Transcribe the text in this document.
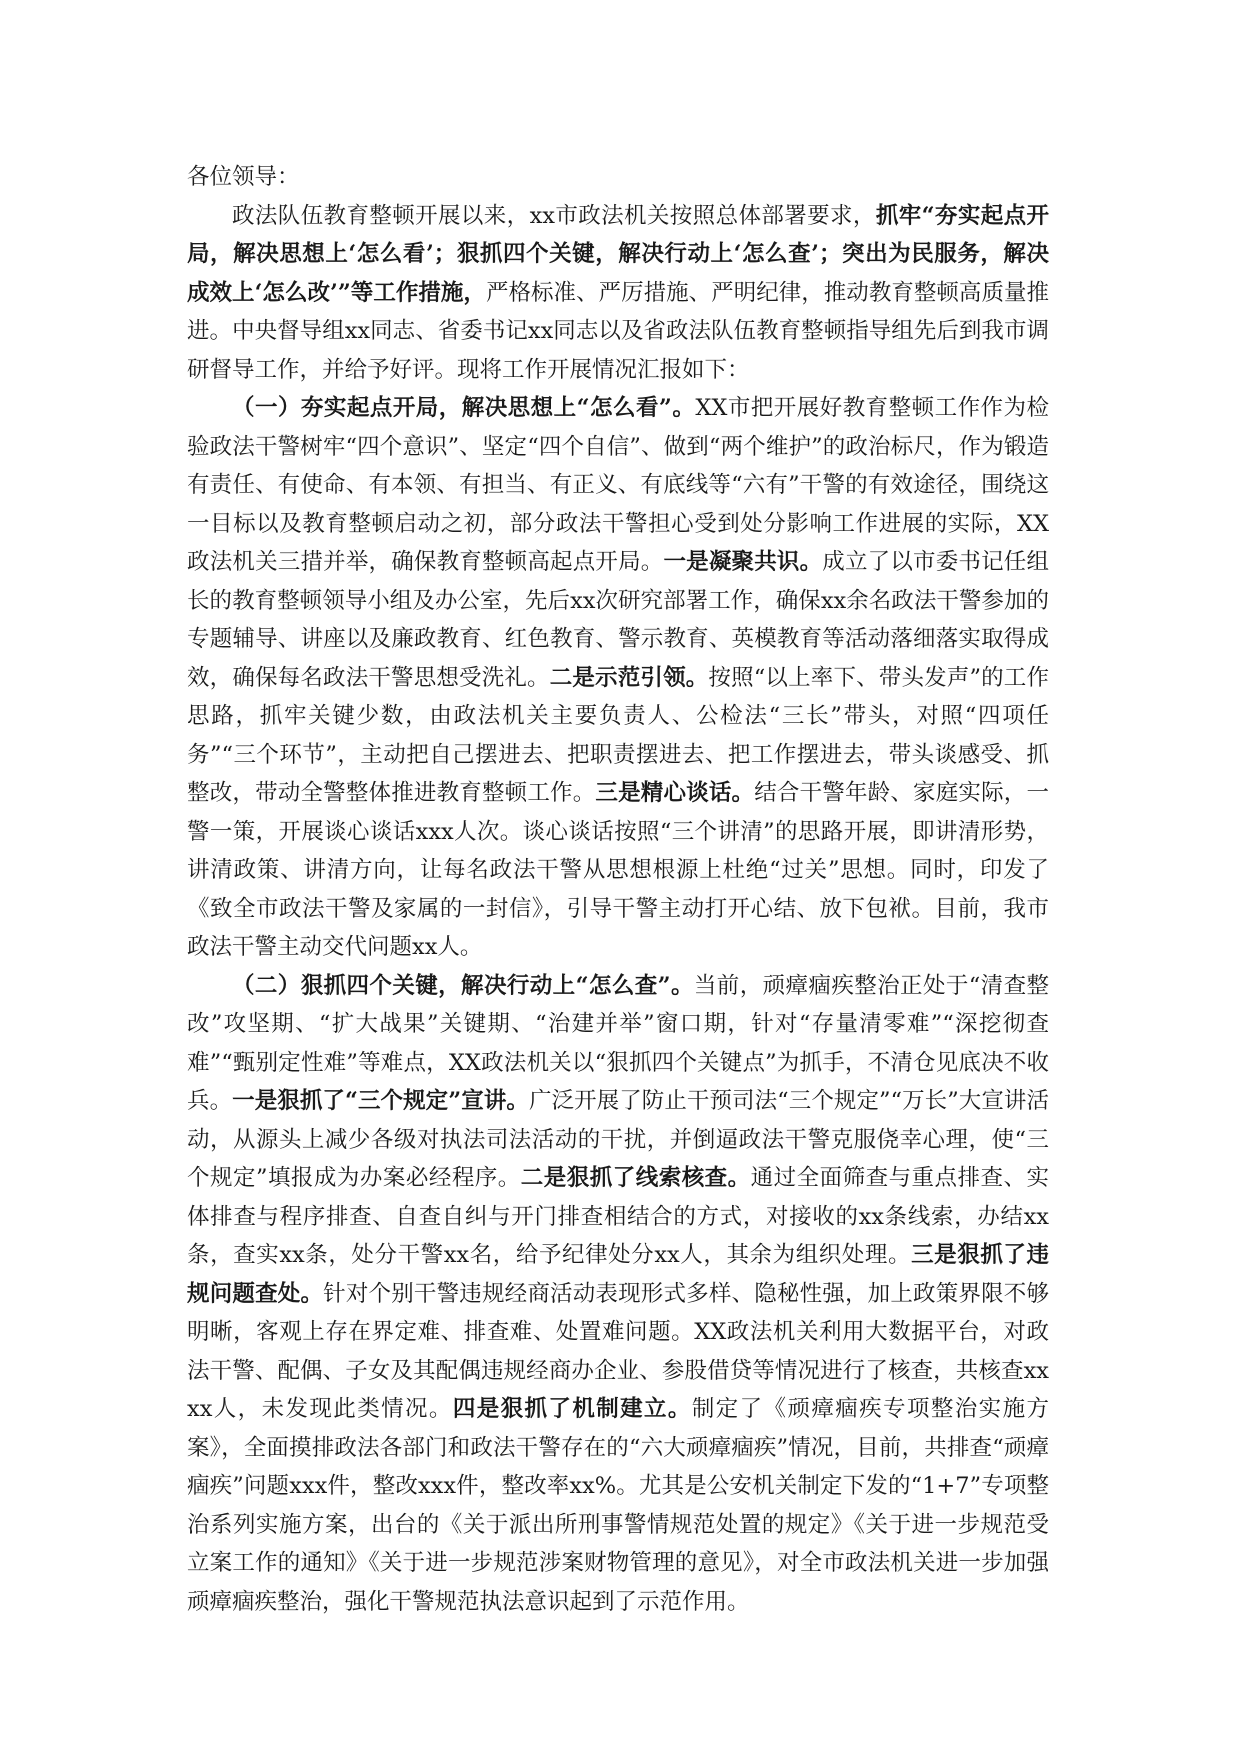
各位领导：

政法队伍教育整顿开展以来，xx市政法机关按照总体部署要求，抓牢“夯实起点开局，解决思想上‘怎么看’；狠抓四个关键，解决行动上‘怎么查’；突出为民服务，解决成效上‘怎么改’”等工作措施，严格标准、严厉措施、严明纪律，推动教育整顿高质量推进。中央督导组xx同志、省委书记xx同志以及省政法队伍教育整顿指导组先后到我市调研督导工作，并给予好评。现将工作开展情况汇报如下：

（一）夯实起点开局，解决思想上“怎么看”。XX市把开展好教育整顿工作作为检验政法干警树牢“四个意识”、坚定“四个自信”、做到“两个维护”的政治标尺，作为锻造有责任、有使命、有本领、有担当、有正义、有底线等“六有”干警的有效途径，围绕这一目标以及教育整顿启动之初，部分政法干警担心受到处分影响工作进展的实际，XX政法机关三措并举，确保教育整顿高起点开局。一是凝聚共识。成立了以市委书记任组长的教育整顿领导小组及办公室，先后xx次研究部署工作，确保xx余名政法干警参加的专题辅导、讲座以及廉政教育、红色教育、警示教育、英模教育等活动落细落实取得成效，确保每名政法干警思想受洗礼。二是示范引领。按照“以上率下、带头发声”的工作思路，抓牢关键少数，由政法机关主要负责人、公检法“三长”带头，对照“四项任务”“三个环节”，主动把自己摆进去、把职责摆进去、把工作摆进去，带头谈感受、抓整改，带动全警整体推进教育整顿工作。三是精心谈话。结合干警年龄、家庭实际，一警一策，开展谈心谈话xxx人次。谈心谈话按照“三个讲清”的思路开展，即讲清形势，讲清政策、讲清方向，让每名政法干警从思想根源上杜绝“过关”思想。同时，印发了《致全市政法干警及家属的一封信》，引导干警主动打开心结、放下包袱。目前，我市政法干警主动交代问题xx人。

（二）狠抓四个关键，解决行动上“怎么查”。当前，顽瘴痼疾整治正处于“清查整改”攻坚期、“扩大战果”关键期、“治建并举”窗口期，针对“存量清零难”“深挖彻查难”“甄别定性难”等难点，XX政法机关以“狠抓四个关键点”为抓手，不清仓见底决不收兵。一是狠抓了“三个规定”宣讲。广泛开展了防止干预司法“三个规定”“万长”大宣讲活动，从源头上减少各级对执法司法活动的干扰，并倒逼政法干警克服侥幸心理，使“三个规定”填报成为办案必经程序。二是狠抓了线索核查。通过全面筛查与重点排查、实体排查与程序排查、自查自纠与开门排查相结合的方式，对接收的xx条线索，办结xx条，查实xx条，处分干警xx名，给予纪律处分xx人，其余为组织处理。三是狠抓了违规问题查处。针对个别干警违规经商活动表现形式多样、隐秘性强，加上政策界限不够明晰，客观上存在界定难、排查难、处置难问题。XX政法机关利用大数据平台，对政法干警、配偶、子女及其配偶违规经商办企业、参股借贷等情况进行了核查，共核查xxxx人，未发现此类情况。四是狠抓了机制建立。制定了《顽瘴痼疾专项整治实施方案》，全面摸排政法各部门和政法干警存在的“六大顽瘴痼疾”情况，目前，共排查“顽瘴痼疾”问题xxx件，整改xxx件，整改率xx%。尤其是公安机关制定下发的“1+7”专项整治系列实施方案，出台的《关于派出所刑事警情规范处置的规定》《关于进一步规范受立案工作的通知》《关于进一步规范涉案财物管理的意见》，对全市政法机关进一步加强顽瘴痼疾整治，强化干警规范执法意识起到了示范作用。
